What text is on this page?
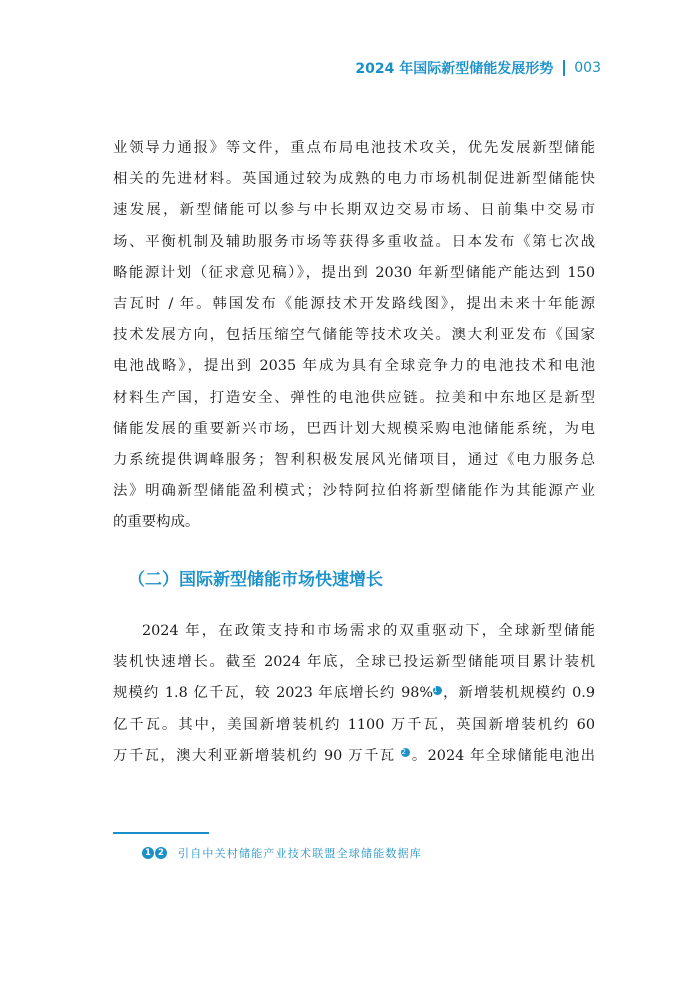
2024 年国际新型储能发展形势 003
业领导力通报》等文件，重点布局电池技术攻关，优先发展新型储能
相关的先进材料。英国通过较为成熟的电力市场机制促进新型储能快
速发展，新型储能可以参与中长期双边交易市场、日前集中交易市
场、平衡机制及辅助服务市场等获得多重收益。日本发布《第七次战
略能源计划（征求意见稿）》，提出到 2030 年新型储能产能达到 150
吉瓦时 / 年。韩国发布《能源技术开发路线图》，提出未来十年能源
技术发展方向，包括压缩空气储能等技术攻关。澳大利亚发布《国家
电池战略》，提出到 2035 年成为具有全球竞争力的电池技术和电池
材料生产国，打造安全、弹性的电池供应链。拉美和中东地区是新型
储能发展的重要新兴市场，巴西计划大规模采购电池储能系统，为电
力系统提供调峰服务；智利积极发展风光储项目，通过《电力服务总
法》明确新型储能盈利模式；沙特阿拉伯将新型储能作为其能源产业
的重要构成。
（二）国际新型储能市场快速增长
2024 年，在政策支持和市场需求的双重驱动下，全球新型储能
装机快速增长。截至 2024 年底，全球已投运新型储能项目累计装机
规模约 1.8 亿千瓦，较 2023 年底增长约 98%1 ，新增装机规模约 0.9
亿千瓦。其中，美国新增装机约 1100 万千瓦，英国新增装机约 60
万千瓦，澳大利亚新增装机约 90 万千瓦 2 。2024 年全球储能电池出
1 2 引自中关村储能产业技术联盟全球储能数据库
